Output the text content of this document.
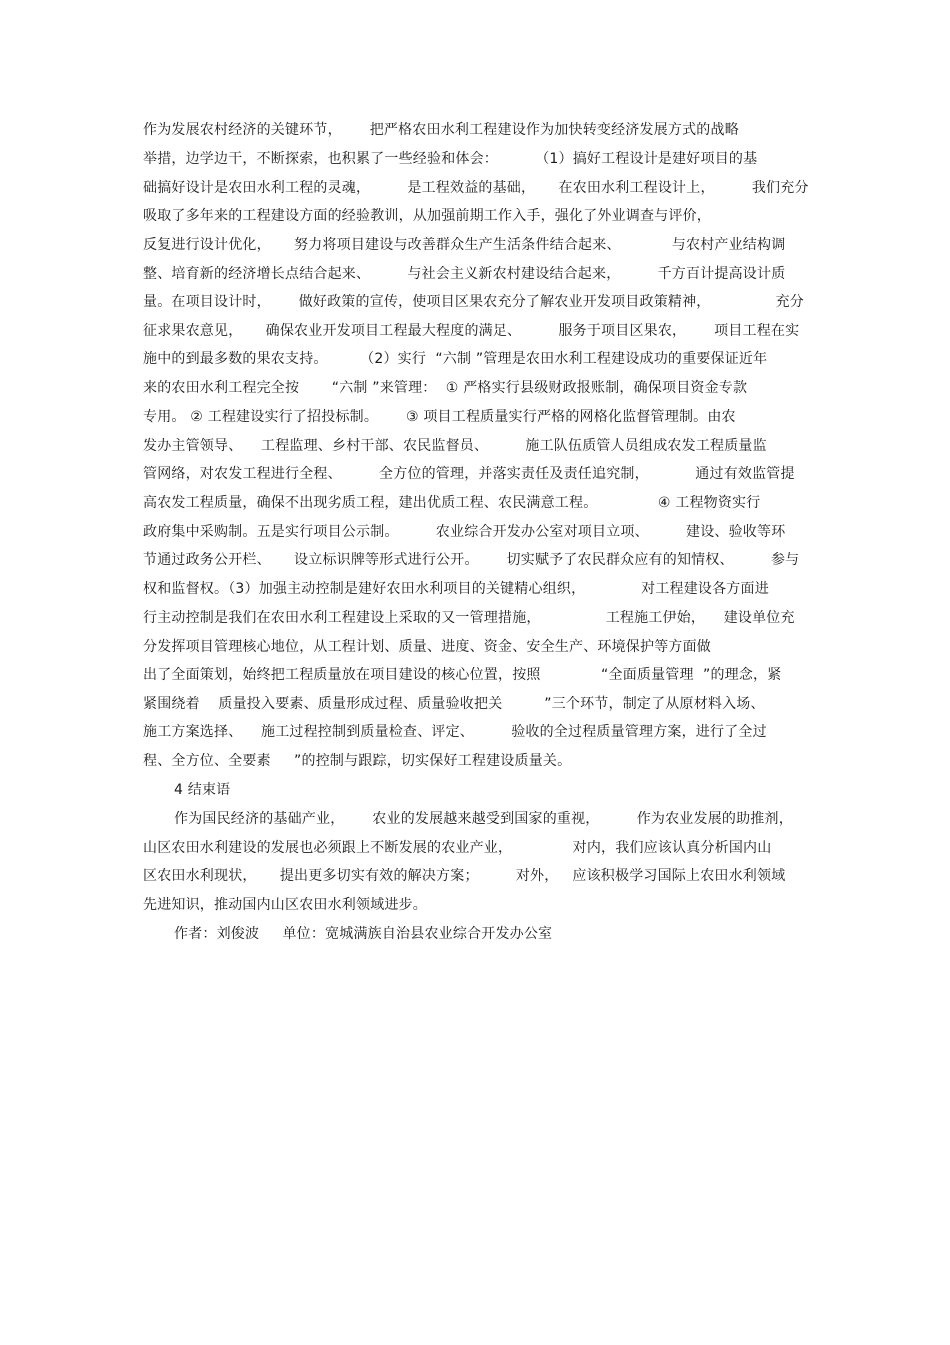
作为发展农村经济的关键环节，      把严格农田水利工程建设作为加快转变经济发展方式的战略
举措，边学边干，不断探索，也积累了一些经验和体会：        （1）搞好工程设计是建好项目的基
础搞好设计是农田水利工程的灵魂，        是工程效益的基础，     在农田水利工程设计上，        我们充分
吸取了多年来的工程建设方面的经验教训，从加强前期工作入手，强化了外业调查与评价，
反复进行设计优化，     努力将项目建设与改善群众生产生活条件结合起来、           与农村产业结构调
整、培育新的经济增长点结合起来、        与社会主义新农村建设结合起来，        千方百计提高设计质
量。在项目设计时，      做好政策的宣传，使项目区果农充分了解农业开发项目政策精神，              充分
征求果农意见，     确保农业开发项目工程最大程度的满足、        服务于项目区果农，      项目工程在实
施中的到最多数的果农支持。       （2）实行  “六制 ”管理是农田水利工程建设成功的重要保证近年
来的农田水利工程完全按       “六制 ”来管理：  ① 严格实行县级财政报账制，确保项目资金专款
专用。 ② 工程建设实行了招投标制。      ③ 项目工程质量实行严格的网格化监督管理制。由农
发办主管领导、    工程监理、乡村干部、农民监督员、        施工队伍质管人员组成农发工程质量监
管网络，对农发工程进行全程、        全方位的管理，并落实责任及责任追究制，          通过有效监管提
高农发工程质量，确保不出现劣质工程，建出优质工程、农民满意工程。             ④ 工程物资实行
政府集中采购制。五是实行项目公示制。        农业综合开发办公室对项目立项、        建设、验收等环
节通过政务公开栏、     设立标识牌等形式进行公开。      切实赋予了农民群众应有的知情权、        参与
权和监督权。（3）加强主动控制是建好农田水利项目的关键精心组织，            对工程建设各方面进
行主动控制是我们在农田水利工程建设上采取的又一管理措施，              工程施工伊始，    建设单位充
分发挥项目管理核心地位，从工程计划、质量、进度、资金、安全生产、环境保护等方面做
出了全面策划，始终把工程质量放在项目建设的核心位置，按照             “全面质量管理  ”的理念，紧
紧围绕着    质量投入要素、质量形成过程、质量验收把关         ”三个环节，制定了从原材料入场、
施工方案选择、    施工过程控制到质量检查、评定、        验收的全过程质量管理方案，进行了全过
程、全方位、全要素     ”的控制与跟踪，切实保好工程建设质量关。
4 结束语
作为国民经济的基础产业，      农业的发展越来越受到国家的重视，        作为农业发展的助推剂，
山区农田水利建设的发展也必须跟上不断发展的农业产业，             对内，我们应该认真分析国内山
区农田水利现状，     提出更多切实有效的解决方案；        对外，   应该积极学习国际上农田水利领域
先进知识，推动国内山区农田水利领域进步。
作者：刘俊波     单位：宽城满族自治县农业综合开发办公室
